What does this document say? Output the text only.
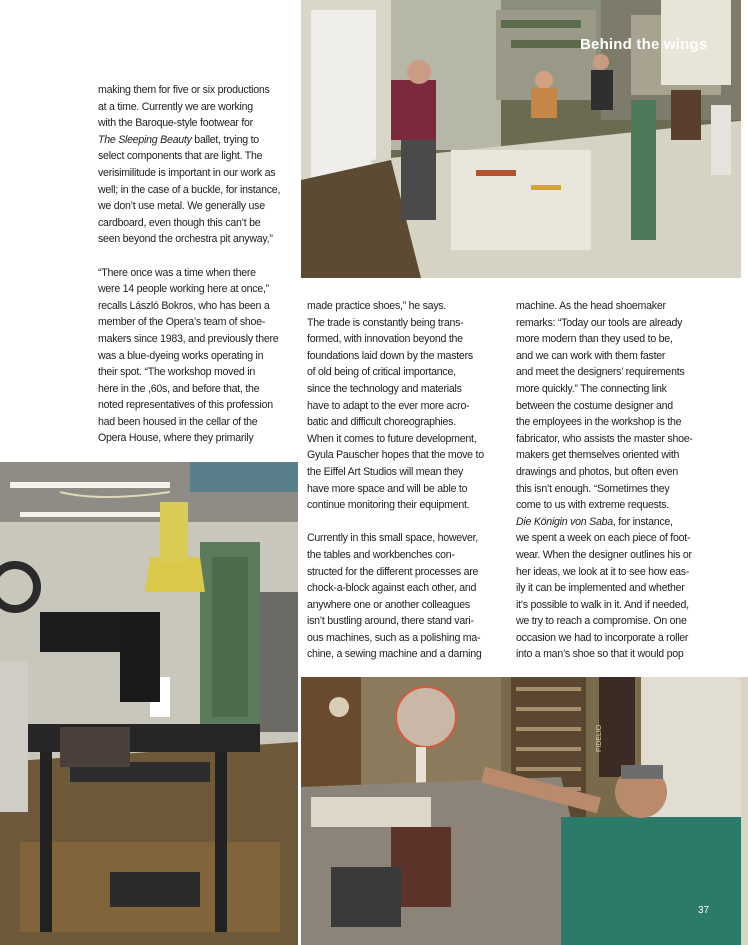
Behind the wings

making them for five or six productions
at a time. Currently we are working
with the Baroque-style footwear for
The Sleeping Beauty ballet, trying to
select components that are light. The
verisimilitude is important in our work as
well; in the case of a buckle, for instance,
we don’t use metal. We generally use
cardboard, even though this can’t be
seen beyond the orchestra pit anyway,”

“There once was a time when there
were 14 people working here at once,”
recalls László Bokros, who has been a
member of the Opera’s team of shoe-
makers since 1983, and previously there
was a blue-dyeing works operating in
their spot. “The workshop moved in
here in the ,60s, and before that, the
noted representatives of this profession
had been housed in the cellar of the
Opera House, where they primarily

made practice shoes,” he says.
The trade is constantly being trans-
formed, with innovation beyond the
foundations laid down by the masters
of old being of critical importance,
since the technology and materials
have to adapt to the ever more acro-
batic and difficult choreographies.
When it comes to future development,
Gyula Pauscher hopes that the move to
the Eiffel Art Studios will mean they
have more space and will be able to
continue monitoring their equipment.

Currently in this small space, however,
the tables and workbenches con-
structed for the different processes are
chock-a-block against each other, and
anywhere one or another colleagues
isn’t bustling around, there stand vari-
ous machines, such as a polishing ma-
chine, a sewing machine and a darning

machine. As the head shoemaker
remarks: “Today our tools are already
more modern than they used to be,
and we can work with them faster
and meet the designers’ requirements
more quickly.” The connecting link
between the costume designer and
the employees in the workshop is the
fabricator, who assists the master shoe-
makers get themselves oriented with
drawings and photos, but often even
this isn’t enough. “Sometimes they
come to us with extreme requests.
Die Königin von Saba, for instance,
we spent a week on each piece of foot-
wear. When the designer outlines his or
her ideas, we look at it to see how eas-
ily it can be implemented and whether
it’s possible to walk in it. And if needed,
we try to reach a compromise. On one
occasion we had to incorporate a roller
into a man’s shoe so that it would pop

FIDELIO
37
